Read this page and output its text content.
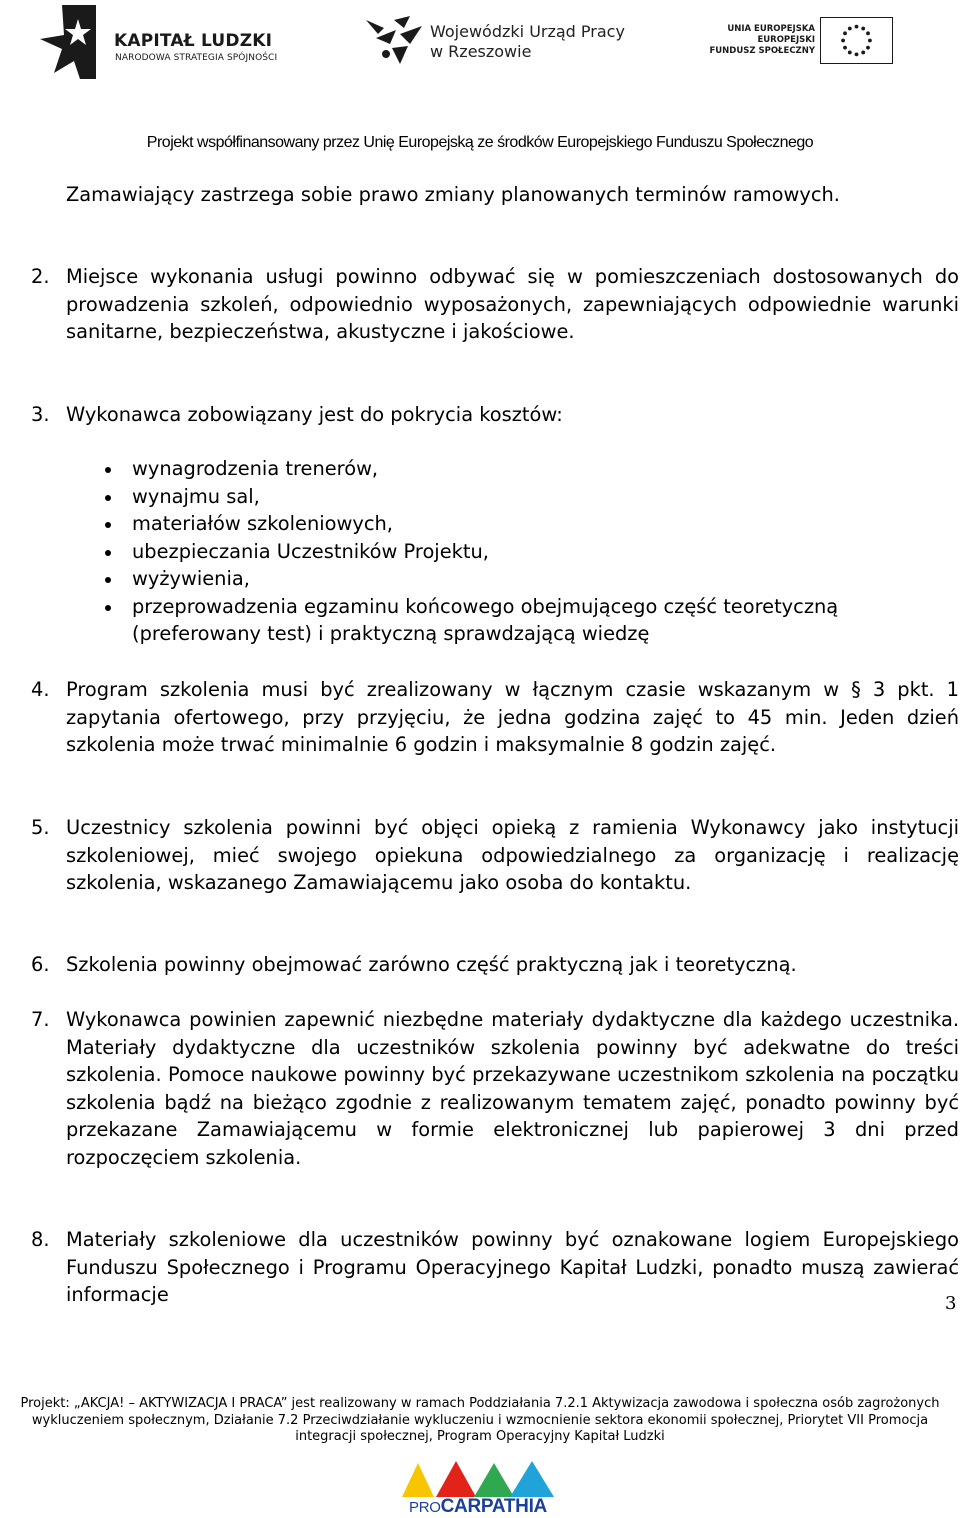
KAPITAŁ LUDZKI
NARODOWA STRATEGIA SPÓJNOŚCI
Wojewódzki Urząd Pracy
w Rzeszowie
UNIA EUROPEJSKA
EUROPEJSKI
FUNDUSZ SPOŁECZNY
Projekt współfinansowany przez Unię Europejską ze środków Europejskiego Funduszu Społecznego

Zamawiający zastrzega sobie prawo zmiany planowanych terminów ramowych.

2. Miejsce wykonania usługi powinno odbywać się w pomieszczeniach dostosowanych do prowadzenia szkoleń, odpowiednio wyposażonych, zapewniających odpowiednie warunki sanitarne, bezpieczeństwa, akustyczne i jakościowe.

3. Wykonawca zobowiązany jest do pokrycia kosztów:

wynagrodzenia trenerów,
wynajmu sal,
materiałów szkoleniowych,
ubezpieczania Uczestników Projektu,
wyżywienia,
przeprowadzenia egzaminu końcowego obejmującego część teoretyczną (preferowany test) i praktyczną sprawdzającą wiedzę
4. Program szkolenia musi być zrealizowany w łącznym czasie wskazanym w § 3 pkt. 1 zapytania ofertowego, przy przyjęciu, że jedna godzina zajęć to 45 min. Jeden dzień szkolenia może trwać minimalnie 6 godzin i maksymalnie 8 godzin zajęć.

5. Uczestnicy szkolenia powinni być objęci opieką z ramienia Wykonawcy jako instytucji szkoleniowej, mieć swojego opiekuna odpowiedzialnego za organizację i realizację szkolenia, wskazanego Zamawiającemu jako osoba do kontaktu.

6. Szkolenia powinny obejmować zarówno część praktyczną jak i teoretyczną.

7. Wykonawca powinien zapewnić niezbędne materiały dydaktyczne dla każdego uczestnika. Materiały dydaktyczne dla uczestników szkolenia powinny być adekwatne do treści szkolenia. Pomoce naukowe powinny być przekazywane uczestnikom szkolenia na początku szkolenia bądź na bieżąco zgodnie z realizowanym tematem zajęć, ponadto powinny być przekazane Zamawiającemu w formie elektronicznej lub papierowej 3 dni przed rozpoczęciem szkolenia.

8. Materiały szkoleniowe dla uczestników powinny być oznakowane logiem Europejskiego Funduszu Społecznego i Programu Operacyjnego Kapitał Ludzki, ponadto muszą zawierać informacje	3
Projekt: „AKCJA! – AKTYWIZACJA I PRACA” jest realizowany w ramach Poddziałania 7.2.1 Aktywizacja zawodowa i społeczna osób zagrożonych
wykluczeniem społecznym, Działanie 7.2 Przeciwdziałanie wykluczeniu i wzmocnienie sektora ekonomii społecznej, Priorytet VII Promocja
integracji społecznej, Program Operacyjny Kapitał Ludzki
PROCARPATHIA
